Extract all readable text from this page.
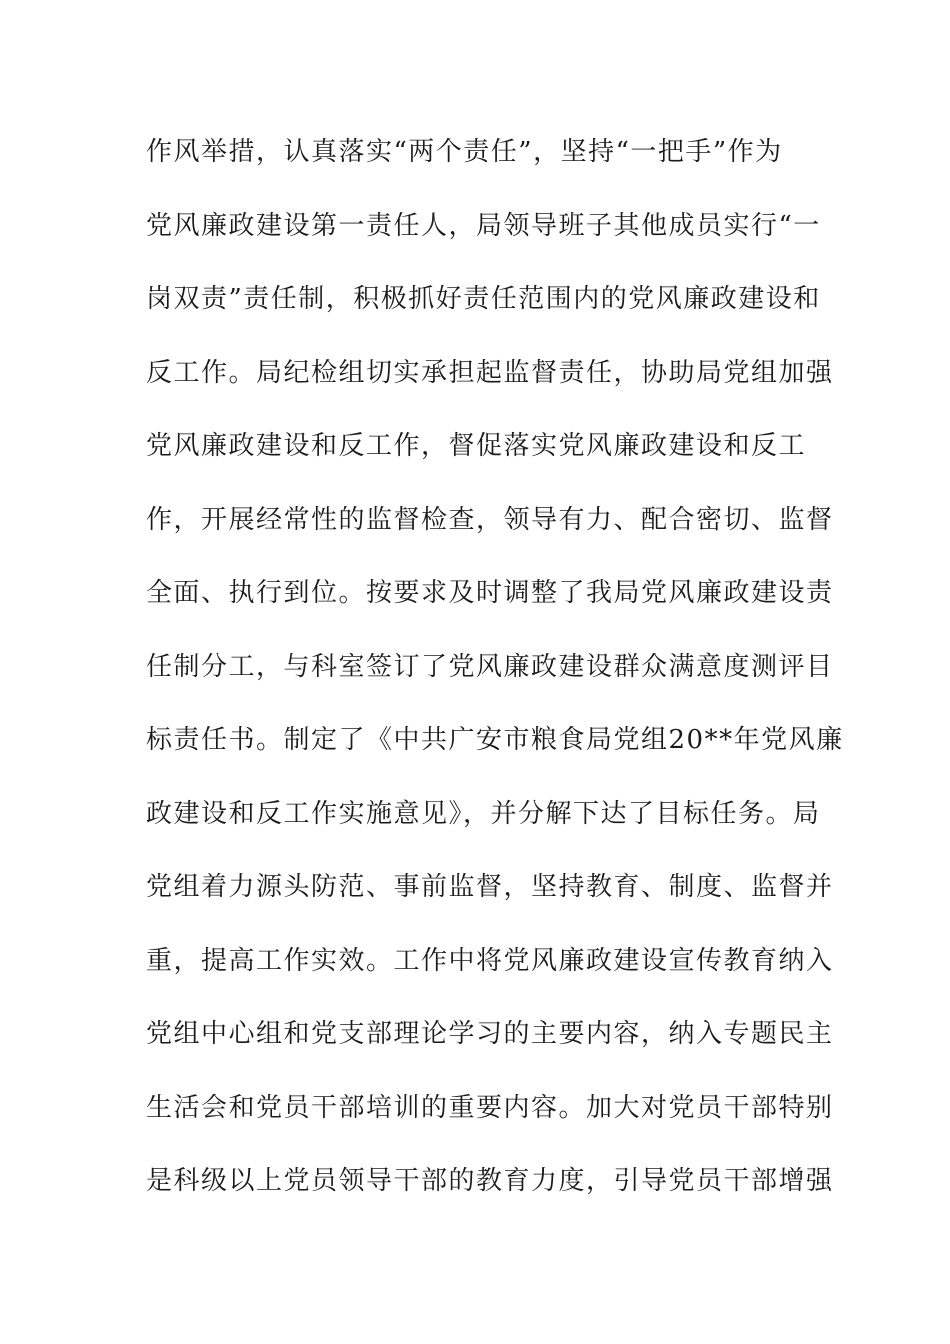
作风举措，认真落实“两个责任”，坚持“一把手”作为
党风廉政建设第一责任人，局领导班子其他成员实行“一
岗双责”责任制，积极抓好责任范围内的党风廉政建设和
反工作。局纪检组切实承担起监督责任，协助局党组加强
党风廉政建设和反工作，督促落实党风廉政建设和反工
作，开展经常性的监督检查，领导有力、配合密切、监督
全面、执行到位。按要求及时调整了我局党风廉政建设责
任制分工，与科室签订了党风廉政建设群众满意度测评目
标责任书。制定了《中共广安市粮食局党组20**年党风廉
政建设和反工作实施意见》，并分解下达了目标任务。局
党组着力源头防范、事前监督，坚持教育、制度、监督并
重，提高工作实效。工作中将党风廉政建设宣传教育纳入
党组中心组和党支部理论学习的主要内容，纳入专题民主
生活会和党员干部培训的重要内容。加大对党员干部特别
是科级以上党员领导干部的教育力度，引导党员干部增强
